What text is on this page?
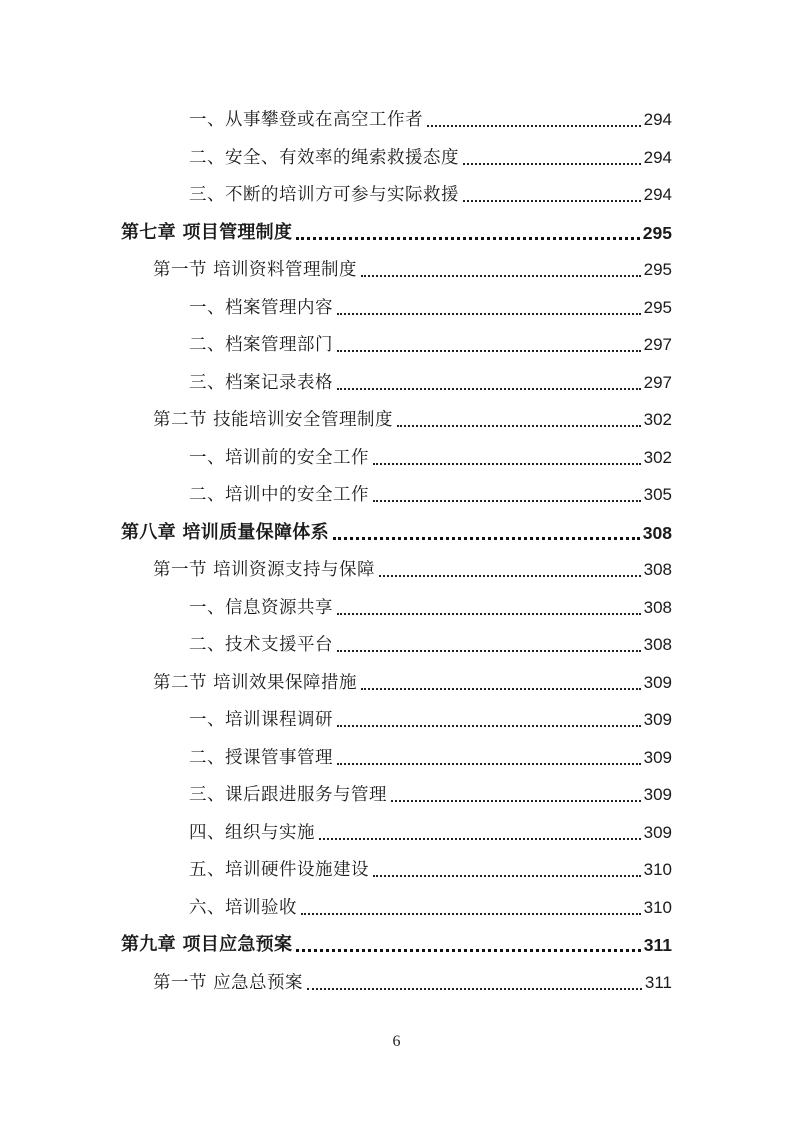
一、从事攀登或在高空工作者	294
二、安全、有效率的绳索救援态度	294
三、不断的培训方可参与实际救援	294
第七章 项目管理制度	295
第一节 培训资料管理制度	295
一、档案管理内容	295
二、档案管理部门	297
三、档案记录表格	297
第二节 技能培训安全管理制度	302
一、培训前的安全工作	302
二、培训中的安全工作	305
第八章 培训质量保障体系	308
第一节 培训资源支持与保障	308
一、信息资源共享	308
二、技术支援平台	308
第二节 培训效果保障措施	309
一、培训课程调研	309
二、授课管事管理	309
三、课后跟进服务与管理	309
四、组织与实施	309
五、培训硬件设施建设	310
六、培训验收	310
第九章 项目应急预案	311
第一节 应急总预案	311
6
